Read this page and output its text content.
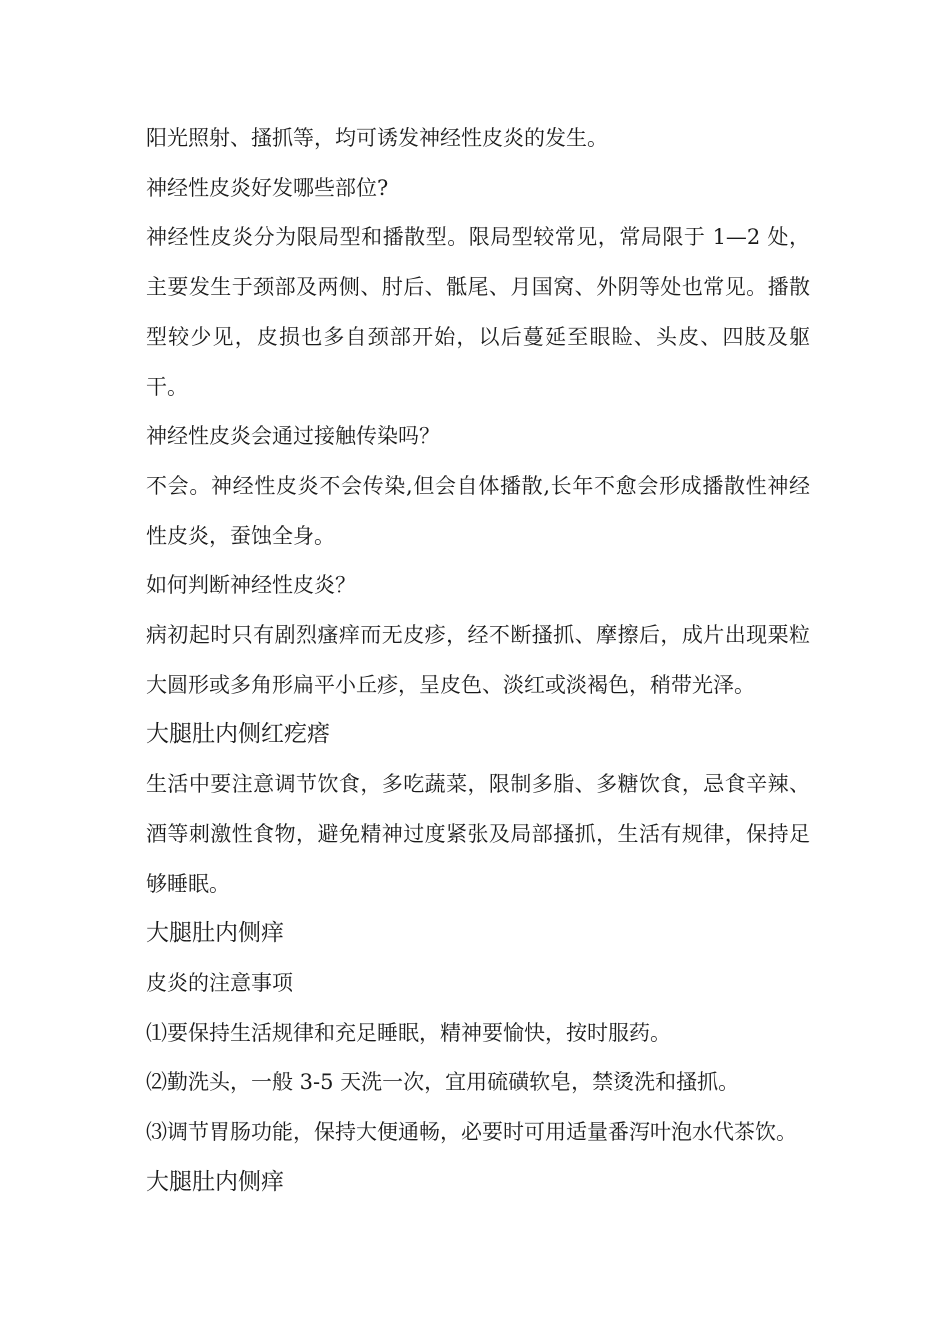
阳光照射、搔抓等，均可诱发神经性皮炎的发生。

神经性皮炎好发哪些部位?

神经性皮炎分为限局型和播散型。限局型较常见，常局限于 1—2 处，主要发生于颈部及两侧、肘后、骶尾、月国窝、外阴等处也常见。播散型较少见，皮损也多自颈部开始，以后蔓延至眼睑、头皮、四肢及躯干。

神经性皮炎会通过接触传染吗？

不会。神经性皮炎不会传染,但会自体播散,长年不愈会形成播散性神经性皮炎，蚕蚀全身。

如何判断神经性皮炎？

病初起时只有剧烈瘙痒而无皮疹，经不断搔抓、摩擦后，成片出现栗粒大圆形或多角形扁平小丘疹，呈皮色、淡红或淡褐色，稍带光泽。

大腿肚内侧红疙瘩

生活中要注意调节饮食，多吃蔬菜，限制多脂、多糖饮食，忌食辛辣、酒等刺激性食物，避免精神过度紧张及局部搔抓，生活有规律，保持足够睡眠。

大腿肚内侧痒

皮炎的注意事项

⑴要保持生活规律和充足睡眠，精神要愉快，按时服药。

⑵勤洗头，一般 3-5 天洗一次，宜用硫磺软皂，禁烫洗和搔抓。

⑶调节胃肠功能，保持大便通畅，必要时可用适量番泻叶泡水代茶饮。

大腿肚内侧痒
